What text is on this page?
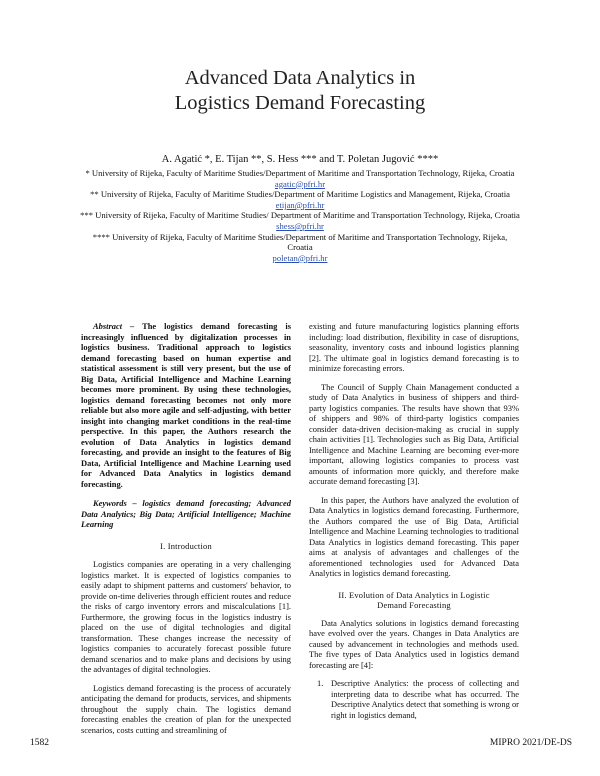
Advanced Data Analytics in
Logistics Demand Forecasting
A. Agatić *, E. Tijan **, S. Hess *** and T. Poletan Jugović ****
* University of Rijeka, Faculty of Maritime Studies/Department of Maritime and Transportation Technology, Rijeka, Croatia
agatic@pfri.hr
** University of Rijeka, Faculty of Maritime Studies/Department of Maritime Logistics and Management, Rijeka, Croatia
etijan@pfri.hr
*** University of Rijeka, Faculty of Maritime Studies/ Department of Maritime and Transportation Technology, Rijeka, Croatia
shess@pfri.hr
**** University of Rijeka, Faculty of Maritime Studies/Department of Maritime and Transportation Technology, Rijeka, Croatia
poletan@pfri.hr
Abstract – The logistics demand forecasting is increasingly influenced by digitalization processes in logistics business. Traditional approach to logistics demand forecasting based on human expertise and statistical assessment is still very present, but the use of Big Data, Artificial Intelligence and Machine Learning becomes more prominent. By using these technologies, logistics demand forecasting becomes not only more reliable but also more agile and self-adjusting, with better insight into changing market conditions in the real-time perspective. In this paper, the Authors research the evolution of Data Analytics in logistics demand forecasting, and provide an insight to the features of Big Data, Artificial Intelligence and Machine Learning used for Advanced Data Analytics in logistics demand forecasting.
Keywords – logistics demand forecasting; Advanced Data Analytics; Big Data; Artificial Intelligence; Machine Learning
I. Introduction
Logistics companies are operating in a very challenging logistics market. It is expected of logistics companies to easily adapt to shipment patterns and customers' behavior, to provide on-time deliveries through efficient routes and reduce the risks of cargo inventory errors and miscalculations [1]. Furthermore, the growing focus in the logistics industry is placed on the use of digital technologies and digital transformation. These changes increase the necessity of logistics companies to accurately forecast possible future demand scenarios and to make plans and decisions by using the advantages of digital technologies.
Logistics demand forecasting is the process of accurately anticipating the demand for products, services, and shipments throughout the supply chain. The logistics demand forecasting enables the creation of plan for the unexpected scenarios, costs cutting and streamlining of
existing and future manufacturing logistics planning efforts including: load distribution, flexibility in case of disruptions, seasonality, inventory costs and inbound logistics planning [2]. The ultimate goal in logistics demand forecasting is to minimize forecasting errors.
The Council of Supply Chain Management conducted a study of Data Analytics in business of shippers and third-party logistics companies. The results have shown that 93% of shippers and 98% of third-party logistics companies consider data-driven decision-making as crucial in supply chain activities [1]. Technologies such as Big Data, Artificial Intelligence and Machine Learning are becoming ever-more important, allowing logistics companies to process vast amounts of information more quickly, and therefore make accurate demand forecasting [3].
In this paper, the Authors have analyzed the evolution of Data Analytics in logistics demand forecasting. Furthermore, the Authors compared the use of Big Data, Artificial Intelligence and Machine Learning technologies to traditional Data Analytics in logistics demand forecasting. This paper aims at analysis of advantages and challenges of the aforementioned technologies used for Advanced Data Analytics in logistics demand forecasting.
II. Evolution of Data Analytics in Logistic
Demand Forecasting
Data Analytics solutions in logistics demand forecasting have evolved over the years. Changes in Data Analytics are caused by advancement in technologies and methods used. The five types of Data Analytics used in logistics demand forecasting are [4]:
1. Descriptive Analytics: the process of collecting and interpreting data to describe what has occurred. The Descriptive Analytics detect that something is wrong or right in logistics demand,
1582	MIPRO 2021/DE-DS
